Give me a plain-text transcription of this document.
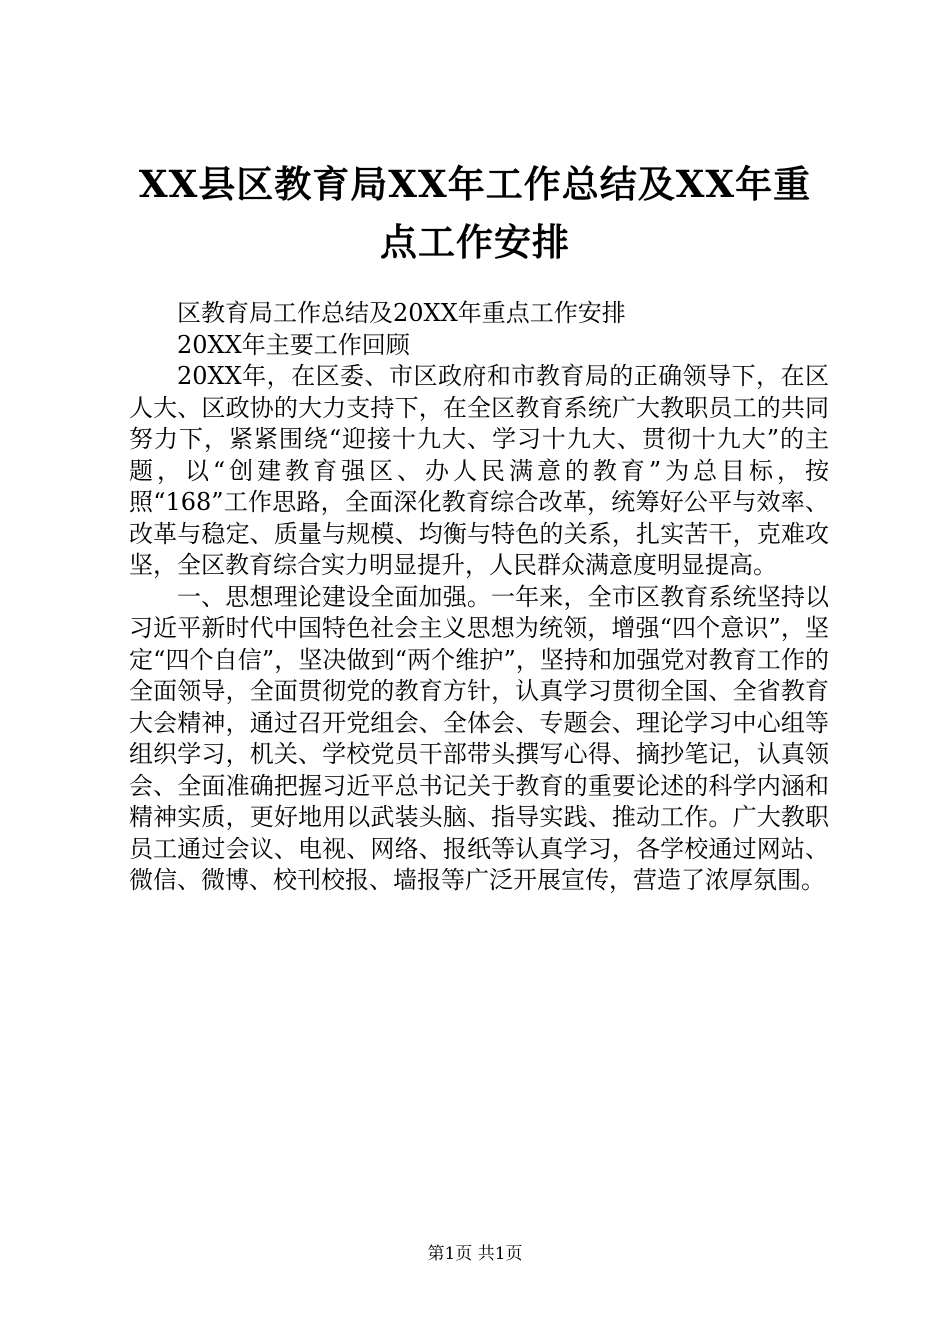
XX县区教育局XX年工作总结及XX年重点工作安排

区教育局工作总结及20XX年重点工作安排

20XX年主要工作回顾

20XX年，在区委、市区政府和市教育局的正确领导下，在区人大、区政协的大力支持下，在全区教育系统广大教职员工的共同努力下，紧紧围绕“迎接十九大、学习十九大、贯彻十九大”的主题，以“创建教育强区、办人民满意的教育”为总目标，按照“168”工作思路，全面深化教育综合改革，统筹好公平与效率、改革与稳定、质量与规模、均衡与特色的关系，扎实苦干，克难攻坚，全区教育综合实力明显提升，人民群众满意度明显提高。

一、思想理论建设全面加强。一年来，全市区教育系统坚持以习近平新时代中国特色社会主义思想为统领，增强“四个意识”，坚定“四个自信”，坚决做到“两个维护”，坚持和加强党对教育工作的全面领导，全面贯彻党的教育方针，认真学习贯彻全国、全省教育大会精神，通过召开党组会、全体会、专题会、理论学习中心组等组织学习，机关、学校党员干部带头撰写心得、摘抄笔记，认真领会、全面准确把握习近平总书记关于教育的重要论述的科学内涵和精神实质，更好地用以武装头脑、指导实践、推动工作。广大教职员工通过会议、电视、网络、报纸等认真学习，各学校通过网站、微信、微博、校刊校报、墙报等广泛开展宣传，营造了浓厚氛围。

第1页 共1页
